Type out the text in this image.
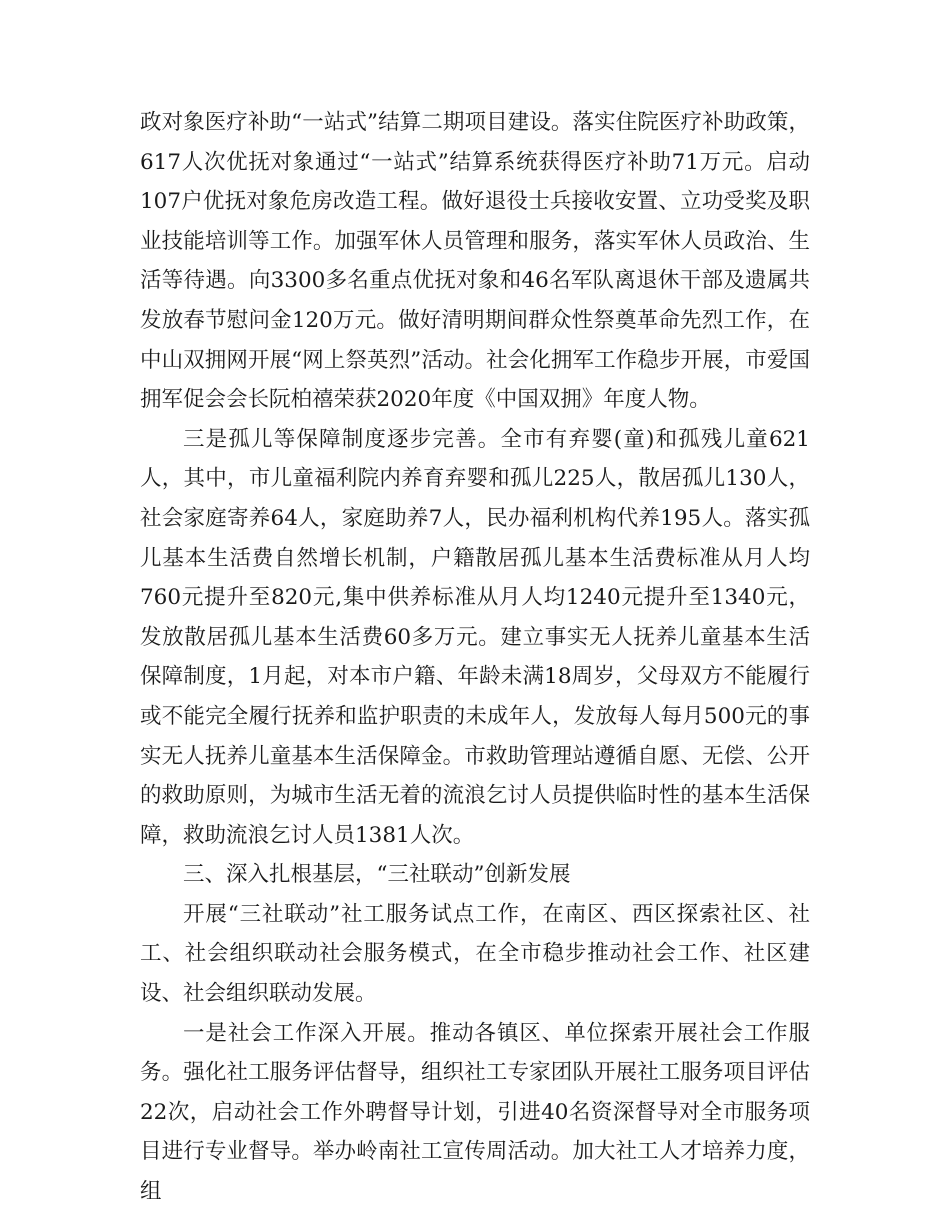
政对象医疗补助“一站式”结算二期项目建设。落实住院医疗补助政策，617人次优抚对象通过“一站式”结算系统获得医疗补助71万元。启动107户优抚对象危房改造工程。做好退役士兵接收安置、立功受奖及职业技能培训等工作。加强军休人员管理和服务，落实军休人员政治、生活等待遇。向3300多名重点优抚对象和46名军队离退休干部及遗属共发放春节慰问金120万元。做好清明期间群众性祭奠革命先烈工作，在中山双拥网开展“网上祭英烈”活动。社会化拥军工作稳步开展，市爱国拥军促会会长阮柏禧荣获2020年度《中国双拥》年度人物。

三是孤儿等保障制度逐步完善。全市有弃婴(童)和孤残儿童621人，其中，市儿童福利院内养育弃婴和孤儿225人，散居孤儿130人，社会家庭寄养64人，家庭助养7人，民办福利机构代养195人。落实孤儿基本生活费自然增长机制，户籍散居孤儿基本生活费标准从月人均760元提升至820元,集中供养标准从月人均1240元提升至1340元，发放散居孤儿基本生活费60多万元。建立事实无人抚养儿童基本生活保障制度，1月起，对本市户籍、年龄未满18周岁，父母双方不能履行或不能完全履行抚养和监护职责的未成年人，发放每人每月500元的事实无人抚养儿童基本生活保障金。市救助管理站遵循自愿、无偿、公开的救助原则，为城市生活无着的流浪乞讨人员提供临时性的基本生活保障，救助流浪乞讨人员1381人次。

三、深入扎根基层，“三社联动”创新发展

开展“三社联动”社工服务试点工作，在南区、西区探索社区、社工、社会组织联动社会服务模式，在全市稳步推动社会工作、社区建设、社会组织联动发展。

一是社会工作深入开展。推动各镇区、单位探索开展社会工作服务。强化社工服务评估督导，组织社工专家团队开展社工服务项目评估22次，启动社会工作外聘督导计划，引进40名资深督导对全市服务项目进行专业督导。举办岭南社工宣传周活动。加大社工人才培养力度，组
